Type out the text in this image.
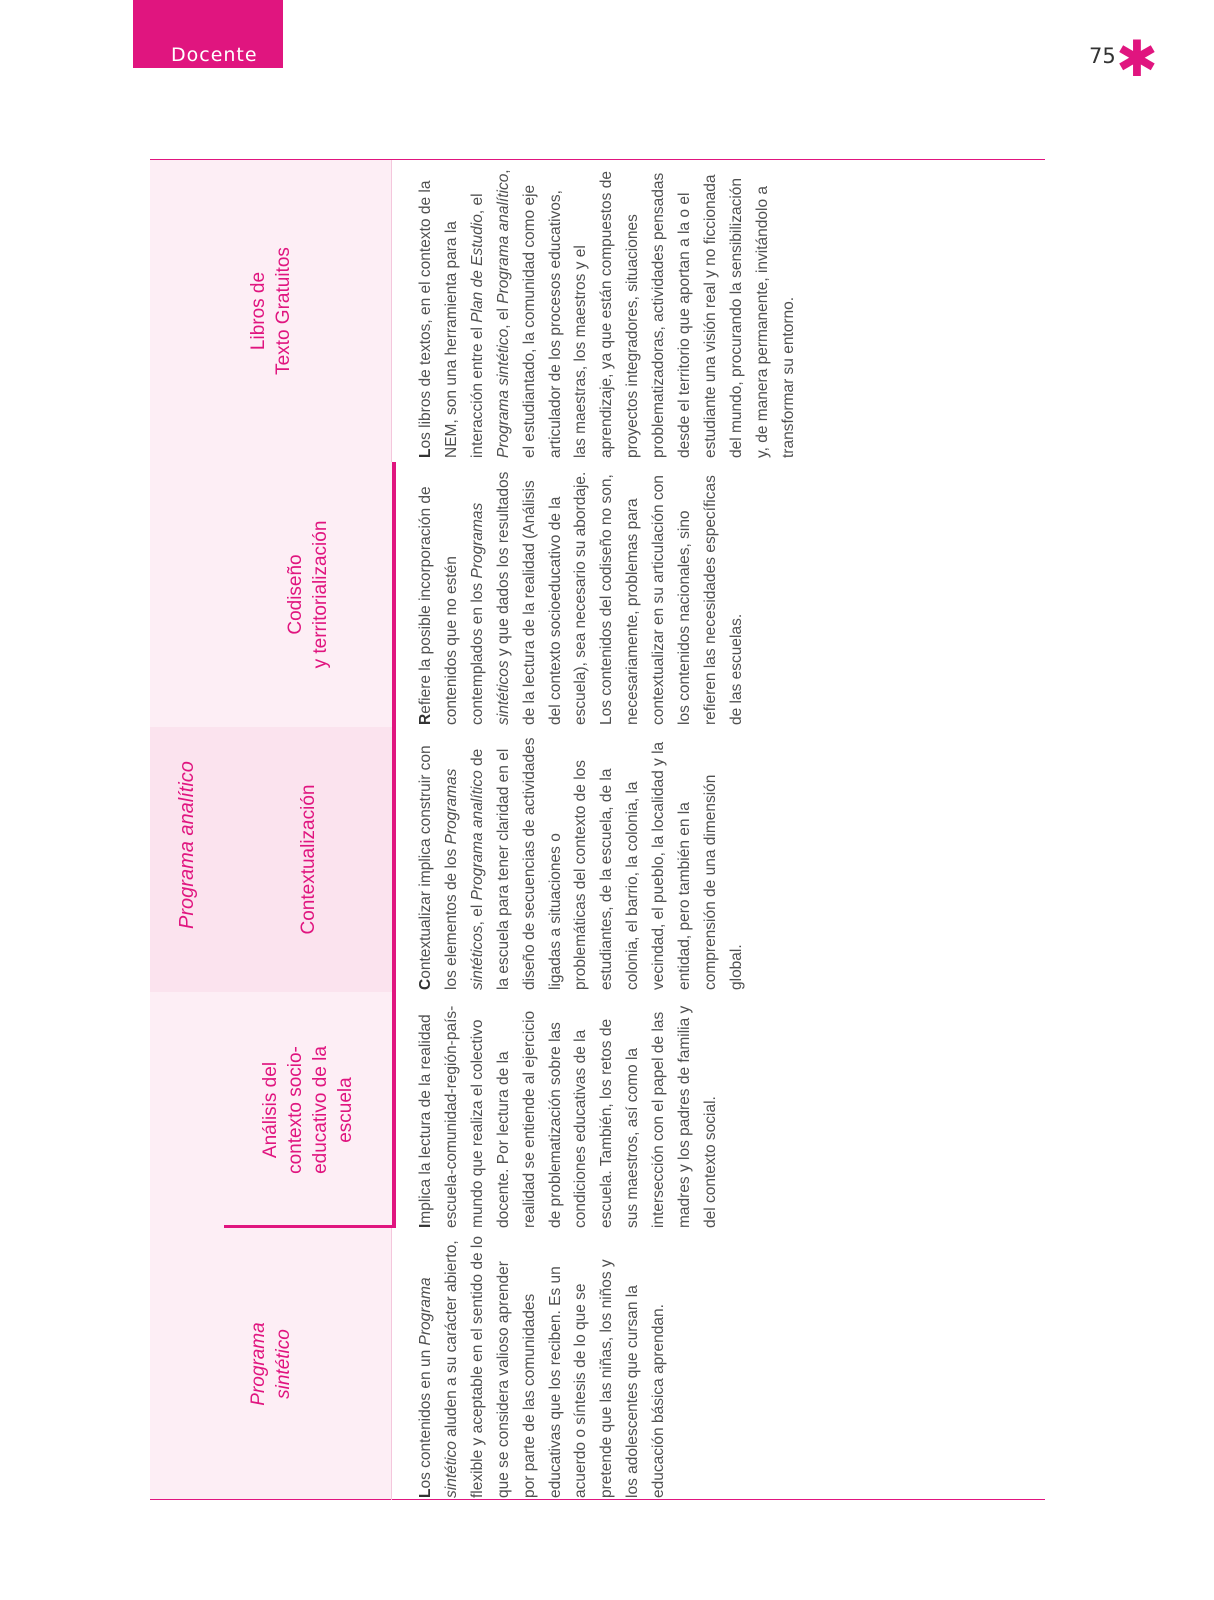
Docente	75 ✱
Programa analítico
Programa
sintético
Análisis del
contexto socio-
educativo de la
escuela
Contextualización
Codiseño
y territorialización
Libros de
Texto Gratuitos

Los contenidos en un Programa sintético aluden a su carácter abierto, flexible y aceptable en el sentido de lo que se considera valioso aprender por parte de las comunidades educativas que los reciben. Es un acuerdo o síntesis de lo que se pretende que las niñas, los niños y los adolescentes que cursan la educación básica aprendan.

Implica la lectura de la realidad escuela-comunidad-región-país-mundo que realiza el colectivo docente. Por lectura de la realidad se entiende al ejercicio de problematización sobre las condiciones educativas de la escuela. También, los retos de sus maestros, así como la intersección con el papel de las madres y los padres de familia y del contexto social.

Contextualizar implica construir con los elementos de los Programas sintéticos, el Programa analítico de la escuela para tener claridad en el diseño de secuencias de actividades ligadas a situaciones o problemáticas del contexto de los estudiantes, de la escuela, de la colonia, el barrio, la colonia, la vecindad, el pueblo, la localidad y la entidad, pero también en la comprensión de una dimensión global.

Refiere la posible incorporación de contenidos que no estén contemplados en los Programas sintéticos y que dados los resultados de la lectura de la realidad (Análisis del contexto socioeducativo de la escuela), sea necesario su abordaje. Los contenidos del codiseño no son, necesariamente, problemas para contextualizar en su articulación con los contenidos nacionales, sino refieren las necesidades específicas de las escuelas.

Los libros de textos, en el contexto de la NEM, son una herramienta para la interacción entre el Plan de Estudio, el Programa sintético, el Programa analítico, el estudiantado, la comunidad como eje articulador de los procesos educativos, las maestras, los maestros y el aprendizaje, ya que están compuestos de proyectos integradores, situaciones problematizadoras, actividades pensadas desde el territorio que aportan a la o el estudiante una visión real y no ficcionada del mundo, procurando la sensibilización y, de manera permanente, invitándolo a transformar su entorno.
